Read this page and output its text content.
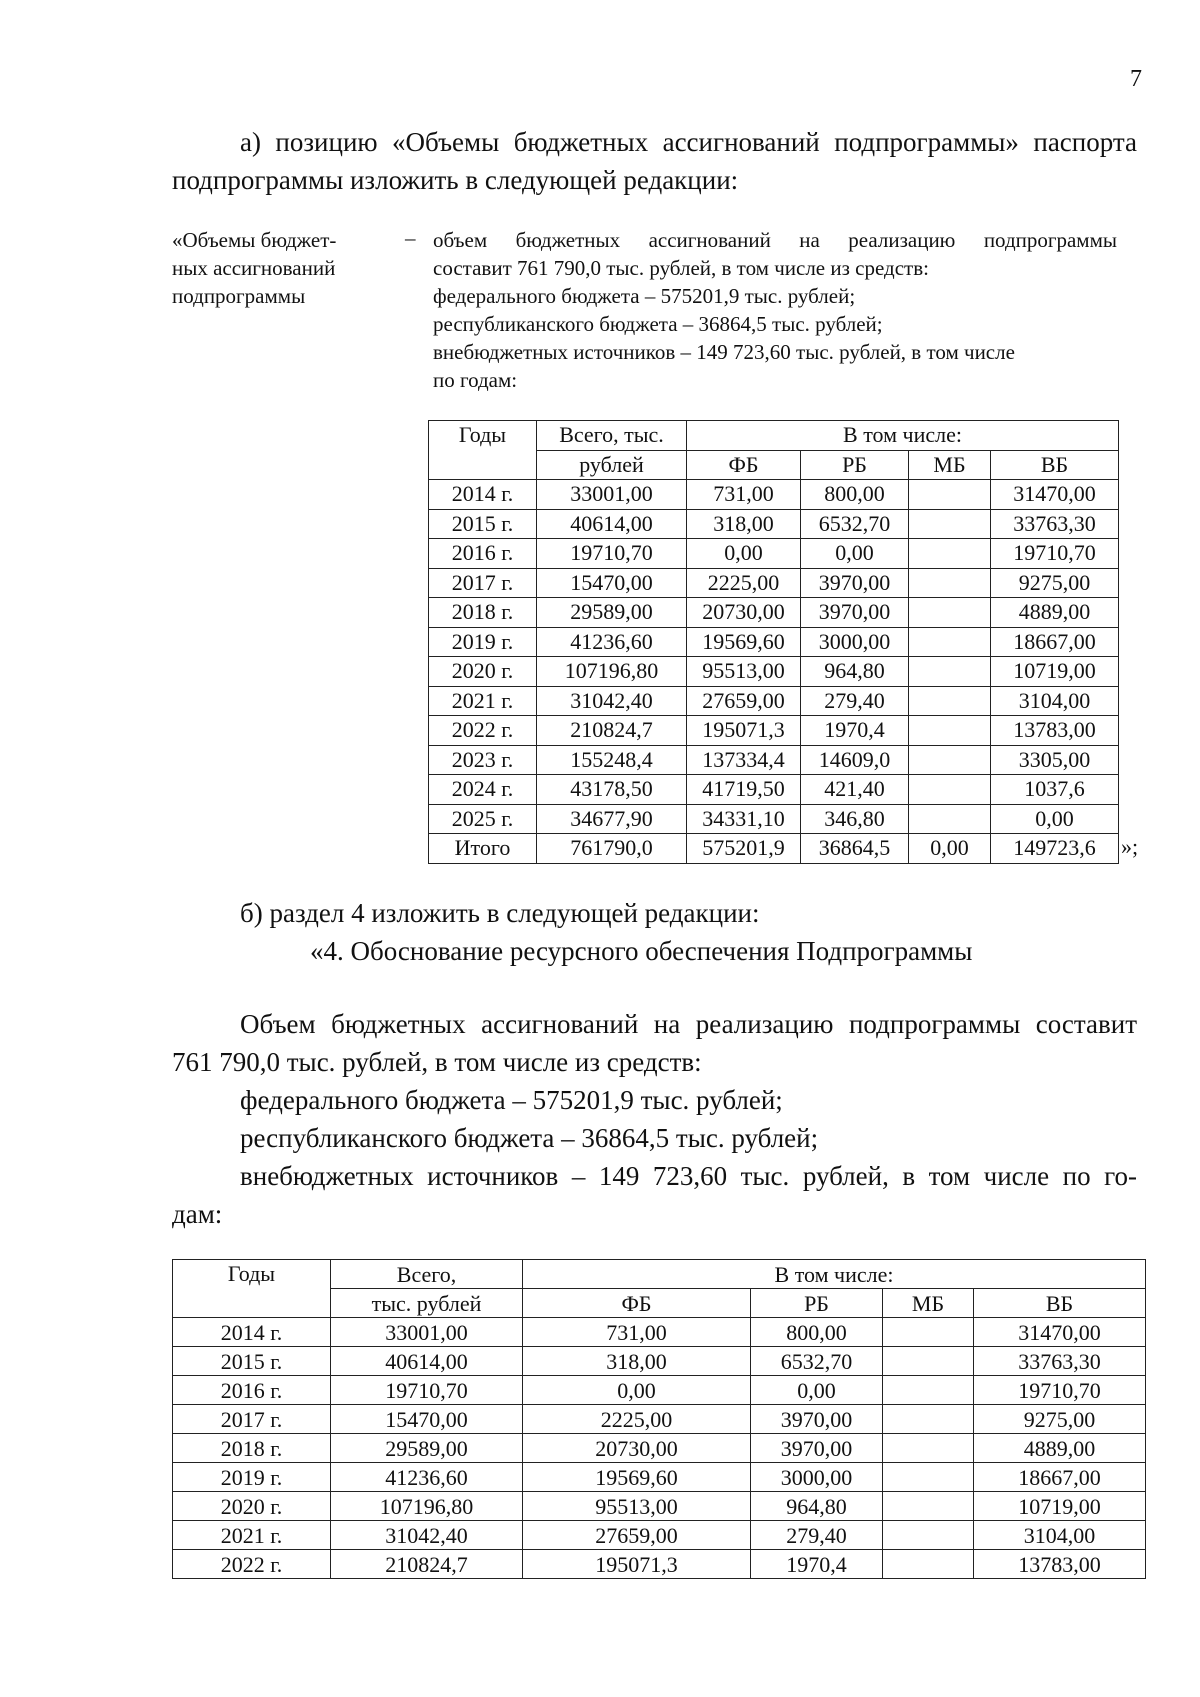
7

а) позицию «Объемы бюджетных ассигнований подпрограммы» паспорта

подпрограммы изложить в следующей редакции:

«Объемы бюджет-
ных ассигнований
подпрограммы
– объем бюджетных ассигнований на реализацию подпрограммы
составит 761 790,0 тыс. рублей, в том числе из средств:
федерального бюджета – 575201,9 тыс. рублей;
республиканского бюджета – 36864,5 тыс. рублей;
внебюджетных источников – 149 723,60 тыс. рублей, в том числе
по годам:
Годы	Всего, тыс.	В том числе:			
	рублей	ФБ	РБ	МБ	ВБ
2014 г.	33001,00	731,00	800,00		31470,00
2015 г.	40614,00	318,00	6532,70		33763,30
2016 г.	19710,70	0,00	0,00		19710,70
2017 г.	15470,00	2225,00	3970,00		9275,00
2018 г.	29589,00	20730,00	3970,00		4889,00
2019 г.	41236,60	19569,60	3000,00		18667,00
2020 г.	107196,80	95513,00	964,80		10719,00
2021 г.	31042,40	27659,00	279,40		3104,00
2022 г.	210824,7	195071,3	1970,4		13783,00
2023 г.	155248,4	137334,4	14609,0		3305,00
2024 г.	43178,50	41719,50	421,40		1037,6
2025 г.	34677,90	34331,10	346,80		0,00
Итого	761790,0	575201,9	36864,5	0,00	149723,6 »;

б) раздел 4 изложить в следующей редакции:

«4. Обоснование ресурсного обеспечения Подпрограммы

Объем бюджетных ассигнований на реализацию подпрограммы составит

761 790,0 тыс. рублей, в том числе из средств:

федерального бюджета – 575201,9 тыс. рублей;

республиканского бюджета – 36864,5 тыс. рублей;

внебюджетных источников – 149 723,60 тыс. рублей, в том числе по го-

дам:

Годы	Всего,	В том числе:			
	тыс. рублей	ФБ	РБ	МБ	ВБ
2014 г.	33001,00	731,00	800,00		31470,00
2015 г.	40614,00	318,00	6532,70		33763,30
2016 г.	19710,70	0,00	0,00		19710,70
2017 г.	15470,00	2225,00	3970,00		9275,00
2018 г.	29589,00	20730,00	3970,00		4889,00
2019 г.	41236,60	19569,60	3000,00		18667,00
2020 г.	107196,80	95513,00	964,80		10719,00
2021 г.	31042,40	27659,00	279,40		3104,00
2022 г.	210824,7	195071,3	1970,4		13783,00
